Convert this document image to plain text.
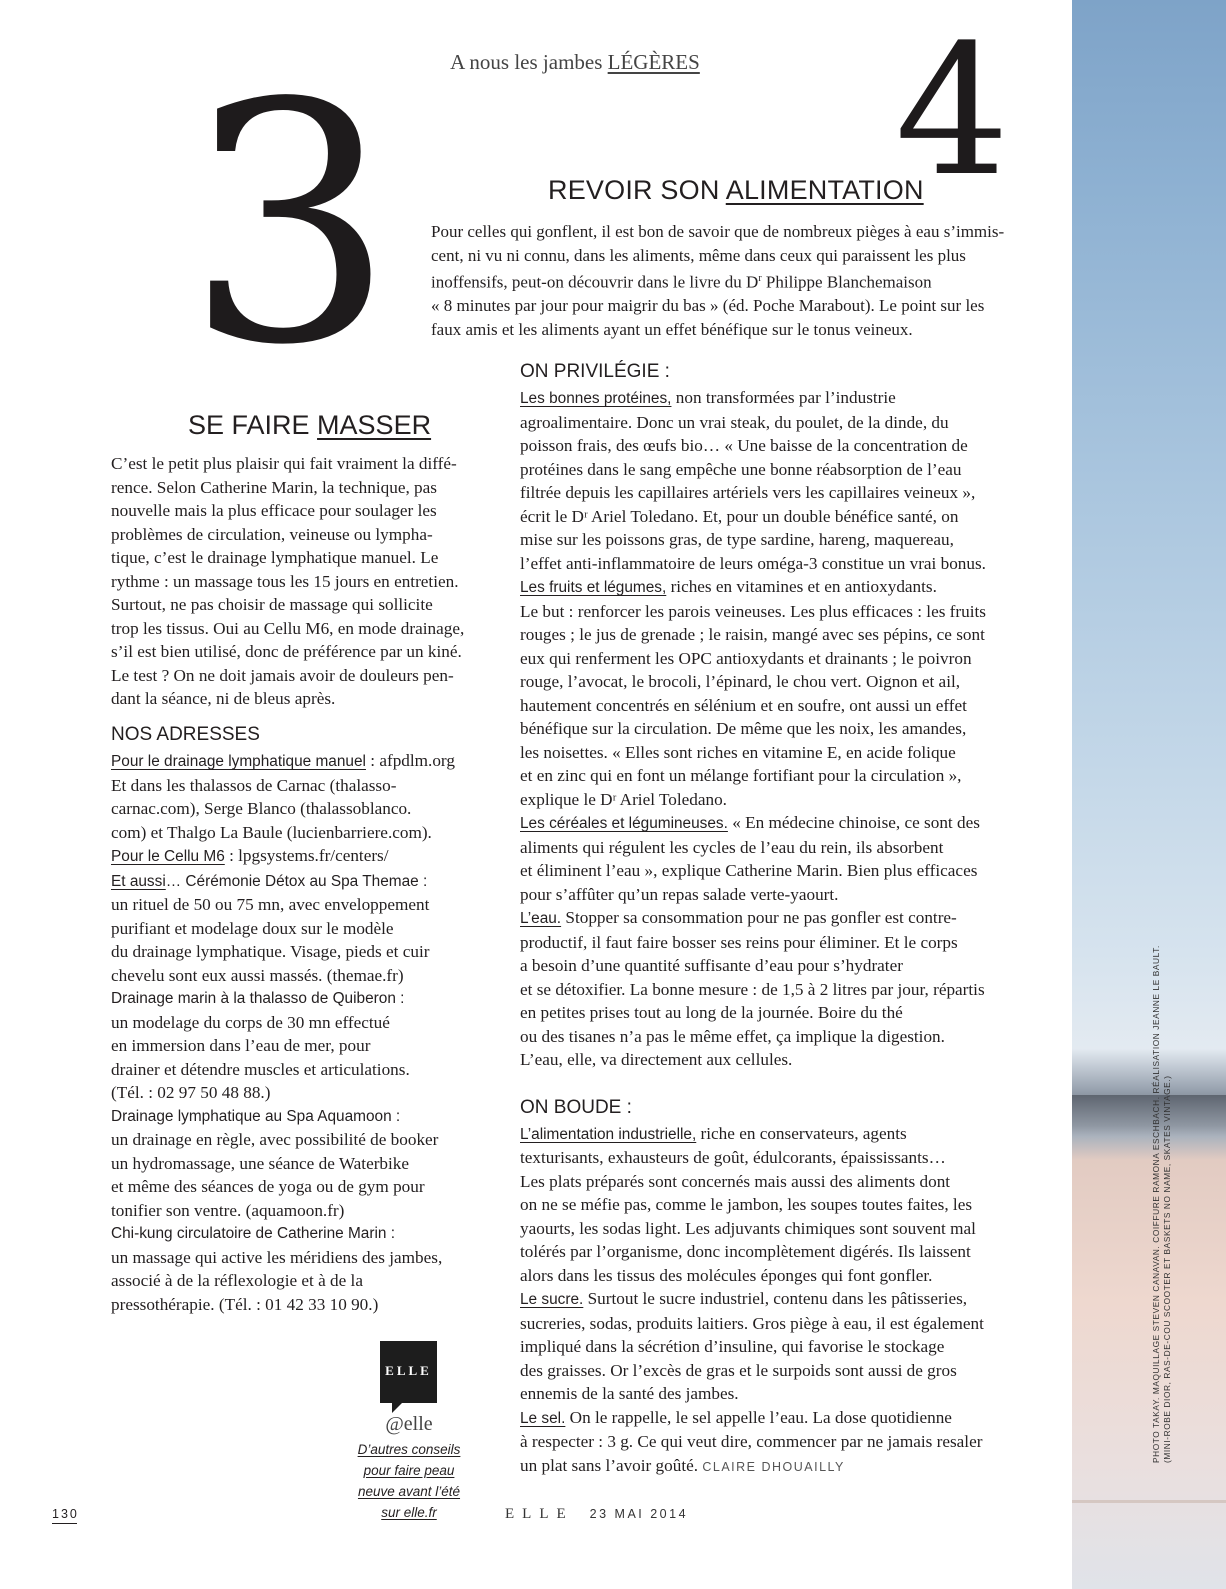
A nous les jambes LÉGÈRES
3	4
REVOIR SON ALIMENTATION
Pour celles qui gonflent, il est bon de savoir que de nombreux pièges à eau s’immis-
cent, ni vu ni connu, dans les aliments, même dans ceux qui paraissent les plus
inoffensifs, peut-on découvrir dans le livre du $D^r$ Philippe Blanchemaison
« 8 minutes par jour pour maigrir du bas » (éd. Poche Marabout). Le point sur les
faux amis et les aliments ayant un effet bénéfique sur le tonus veineux.
SE FAIRE MASSER
C’est le petit plus plaisir qui fait vraiment la diffé-
rence. Selon Catherine Marin, la technique, pas
nouvelle mais la plus efficace pour soulager les
problèmes de circulation, veineuse ou lympha-
tique, c’est le drainage lymphatique manuel. Le
rythme : un massage tous les 15 jours en entretien.
Surtout, ne pas choisir de massage qui sollicite
trop les tissus. Oui au Cellu M6, en mode drainage,
s’il est bien utilisé, donc de préférence par un kiné.
Le test ? On ne doit jamais avoir de douleurs pen-
dant la séance, ni de bleus après.
NOS ADRESSES
Pour le drainage lymphatique manuel : afpdlm.org
Et dans les thalassos de Carnac (thalasso-
carnac.com), Serge Blanco (thalassoblanco.
com) et Thalgo La Baule (lucienbarriere.com).
Pour le Cellu M6 : lpgsystems.fr/centers/
Et aussi… Cérémonie Détox au Spa Themae :
un rituel de 50 ou 75 mn, avec enveloppement
purifiant et modelage doux sur le modèle
du drainage lymphatique. Visage, pieds et cuir
chevelu sont eux aussi massés. (themae.fr)
Drainage marin à la thalasso de Quiberon :
un modelage du corps de 30 mn effectué
en immersion dans l’eau de mer, pour
drainer et détendre muscles et articulations.
(Tél. : 02 97 50 48 88.)
Drainage lymphatique au Spa Aquamoon :
un drainage en règle, avec possibilité de booker
un hydromassage, une séance de Waterbike
et même des séances de yoga ou de gym pour
tonifier son ventre. (aquamoon.fr)
Chi-kung circulatoire de Catherine Marin :
un massage qui active les méridiens des jambes,
associé à de la réflexologie et à de la
pressothérapie. (Tél. : 01 42 33 10 90.)
ON PRIVILÉGIE :
Les bonnes protéines, non transformées par l’industrie
agroalimentaire. Donc un vrai steak, du poulet, de la dinde, du
poisson frais, des œufs bio… « Une baisse de la concentration de
protéines dans le sang empêche une bonne réabsorption de l’eau
filtrée depuis les capillaires artériels vers les capillaires veineux »,
écrit le Dʳ Ariel Toledano. Et, pour un double bénéfice santé, on
mise sur les poissons gras, de type sardine, hareng, maquereau,
l’effet anti-inflammatoire de leurs oméga-3 constitue un vrai bonus.
Les fruits et légumes, riches en vitamines et en antioxydants.
Le but : renforcer les parois veineuses. Les plus efficaces : les fruits
rouges ; le jus de grenade ; le raisin, mangé avec ses pépins, ce sont
eux qui renferment les OPC antioxydants et drainants ; le poivron
rouge, l’avocat, le brocoli, l’épinard, le chou vert. Oignon et ail,
hautement concentrés en sélénium et en soufre, ont aussi un effet
bénéfique sur la circulation. De même que les noix, les amandes,
les noisettes. « Elles sont riches en vitamine E, en acide folique
et en zinc qui en font un mélange fortifiant pour la circulation »,
explique le Dʳ Ariel Toledano.
Les céréales et légumineuses. « En médecine chinoise, ce sont des
aliments qui régulent les cycles de l’eau du rein, ils absorbent
et éliminent l’eau », explique Catherine Marin. Bien plus efficaces
pour s’affûter qu’un repas salade verte-yaourt.
L’eau. Stopper sa consommation pour ne pas gonfler est contre-
productif, il faut faire bosser ses reins pour éliminer. Et le corps
a besoin d’une quantité suffisante d’eau pour s’hydrater
et se détoxifier. La bonne mesure : de 1,5 à 2 litres par jour, répartis
en petites prises tout au long de la journée. Boire du thé
ou des tisanes n’a pas le même effet, ça implique la digestion.
L’eau, elle, va directement aux cellules.
ON BOUDE :
L’alimentation industrielle, riche en conservateurs, agents
texturisants, exhausteurs de goût, édulcorants, épaississants…
Les plats préparés sont concernés mais aussi des aliments dont
on ne se méfie pas, comme le jambon, les soupes toutes faites, les
yaourts, les sodas light. Les adjuvants chimiques sont souvent mal
tolérés par l’organisme, donc incomplètement digérés. Ils laissent
alors dans les tissus des molécules éponges qui font gonfler.
Le sucre. Surtout le sucre industriel, contenu dans les pâtisseries,
sucreries, sodas, produits laitiers. Gros piège à eau, il est également
impliqué dans la sécrétion d’insuline, qui favorise le stockage
des graisses. Or l’excès de gras et le surpoids sont aussi de gros
ennemis de la santé des jambes.
Le sel. On le rappelle, le sel appelle l’eau. La dose quotidienne
à respecter : 3 g. Ce qui veut dire, commencer par ne jamais resaler
un plat sans l’avoir goûté. CLAIRE DHOUAILLY
ELLE
@elle
D’autres conseils
pour faire peau
neuve avant l’été
sur elle.fr
130	ELLE 23 MAI 2014
PHOTO TAKAY. MAQUILLAGE STEVEN CANAVAN. COIFFURE RAMONA ESCHBACH. RÉALISATION JEANNE LE BAULT. (MINI-ROBE DIOR, RAS-DE-COU SCOOTER ET BASKETS NO NAME, SKATES VINTAGE.)
